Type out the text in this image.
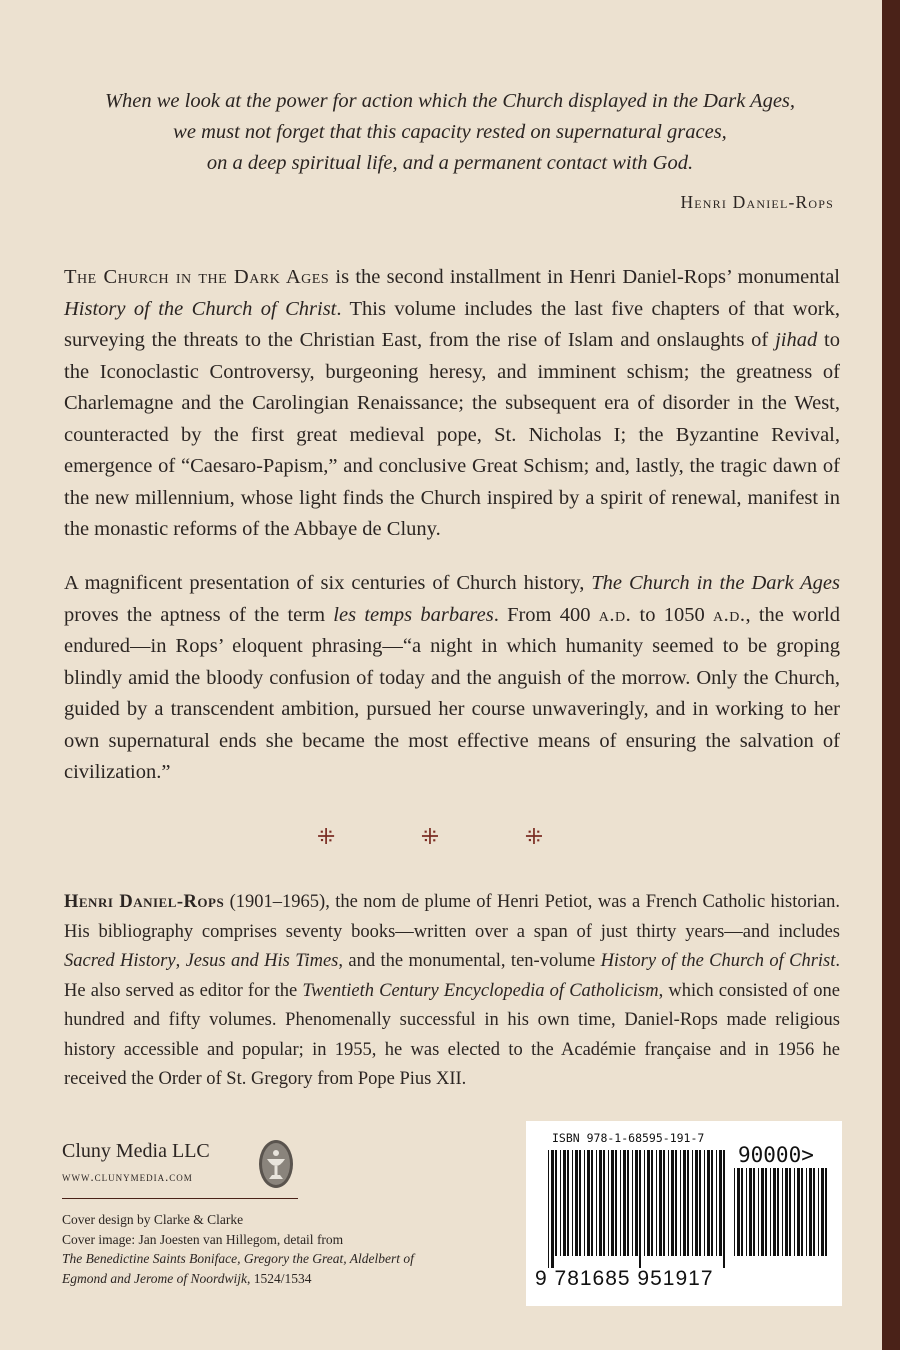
When we look at the power for action which the Church displayed in the Dark Ages,

we must not forget that this capacity rested on supernatural graces,

on a deep spiritual life, and a permanent contact with God.

Henri Daniel-Rops

The Church in the Dark Ages is the second installment in Henri Daniel-Rops’ monumental History of the Church of Christ. This volume includes the last five chapters of that work, surveying the threats to the Christian East, from the rise of Islam and onslaughts of jihad to the Iconoclastic Controversy, burgeoning heresy, and imminent schism; the greatness of Charlemagne and the Carolingian Renaissance; the subsequent era of disorder in the West, counteracted by the first great medieval pope, St. Nicholas I; the Byzantine Revival, emergence of “Caesaro-Papism,” and conclusive Great Schism; and, lastly, the tragic dawn of the new millennium, whose light finds the Church inspired by a spirit of renewal, manifest in the monastic reforms of the Abbaye de Cluny.

A magnificent presentation of six centuries of Church history, The Church in the Dark Ages proves the aptness of the term les temps barbares. From 400 a.d. to 1050 a.d., the world endured—in Rops’ eloquent phrasing—“a night in which humanity seemed to be groping blindly amid the bloody confusion of today and the anguish of the morrow. Only the Church, guided by a transcendent ambition, pursued her course unwaveringly, and in working to her own supernatural ends she became the most effective means of ensuring the salvation of civilization.”

⁜ ⁜ ⁜

Henri Daniel-Rops (1901–1965), the nom de plume of Henri Petiot, was a French Catholic historian. His bibliography comprises seventy books—written over a span of just thirty years—and includes Sacred History, Jesus and His Times, and the monumental, ten-volume History of the Church of Christ. He also served as editor for the Twentieth Century Encyclopedia of Catholicism, which consisted of one hundred and fifty volumes. Phenomenally successful in his own time, Daniel-Rops made religious history accessible and popular; in 1955, he was elected to the Académie française and in 1956 he received the Order of St. Gregory from Pope Pius XII.

Cluny Media LLC
www.clunymedia.com

Cover design by Clarke & Clarke

Cover image: Jan Joesten van Hillegom, detail from

The Benedictine Saints Boniface, Gregory the Great, Aldelbert of Egmond and Jerome of Noordwijk, 1524/1534

ISBN 978-1-68595-191-7
90000>
9 781685 951917
